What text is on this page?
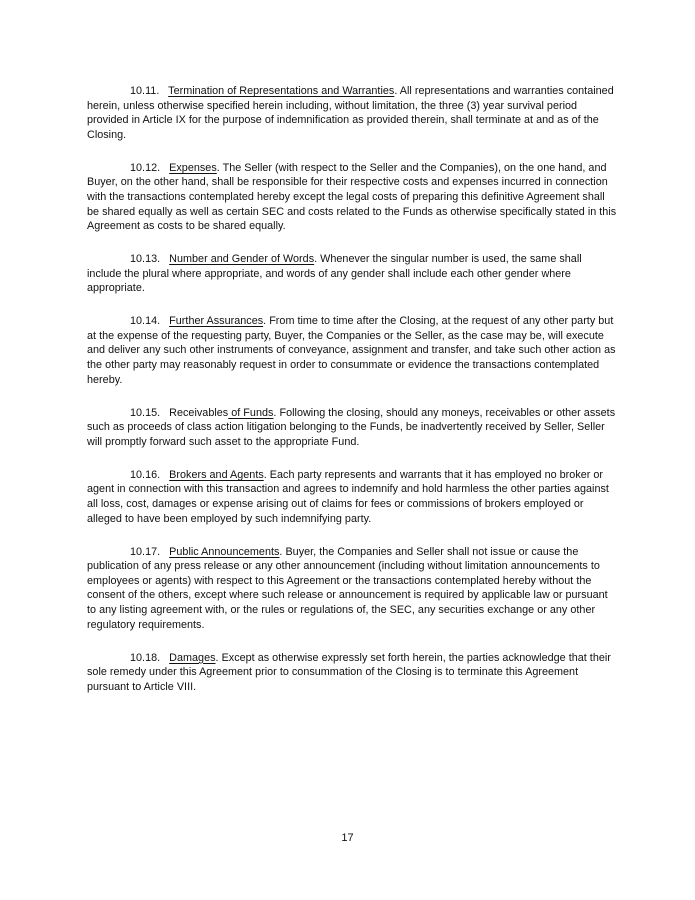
10.11. Termination of Representations and Warranties. All representations and warranties contained herein, unless otherwise specified herein including, without limitation, the three (3) year survival period provided in Article IX for the purpose of indemnification as provided therein, shall terminate at and as of the Closing.

10.12. Expenses. The Seller (with respect to the Seller and the Companies), on the one hand, and Buyer, on the other hand, shall be responsible for their respective costs and expenses incurred in connection with the transactions contemplated hereby except the legal costs of preparing this definitive Agreement shall be shared equally as well as certain SEC and costs related to the Funds as otherwise specifically stated in this Agreement as costs to be shared equally.

10.13. Number and Gender of Words. Whenever the singular number is used, the same shall include the plural where appropriate, and words of any gender shall include each other gender where appropriate.

10.14. Further Assurances. From time to time after the Closing, at the request of any other party but at the expense of the requesting party, Buyer, the Companies or the Seller, as the case may be, will execute and deliver any such other instruments of conveyance, assignment and transfer, and take such other action as the other party may reasonably request in order to consummate or evidence the transactions contemplated hereby.

10.15. Receivables of Funds. Following the closing, should any moneys, receivables or other assets such as proceeds of class action litigation belonging to the Funds, be inadvertently received by Seller, Seller will promptly forward such asset to the appropriate Fund.

10.16. Brokers and Agents. Each party represents and warrants that it has employed no broker or agent in connection with this transaction and agrees to indemnify and hold harmless the other parties against all loss, cost, damages or expense arising out of claims for fees or commissions of brokers employed or alleged to have been employed by such indemnifying party.

10.17. Public Announcements. Buyer, the Companies and Seller shall not issue or cause the publication of any press release or any other announcement (including without limitation announcements to employees or agents) with respect to this Agreement or the transactions contemplated hereby without the consent of the others, except where such release or announcement is required by applicable law or pursuant to any listing agreement with, or the rules or regulations of, the SEC, any securities exchange or any other regulatory requirements.

10.18. Damages. Except as otherwise expressly set forth herein, the parties acknowledge that their sole remedy under this Agreement prior to consummation of the Closing is to terminate this Agreement pursuant to Article VIII.

17
